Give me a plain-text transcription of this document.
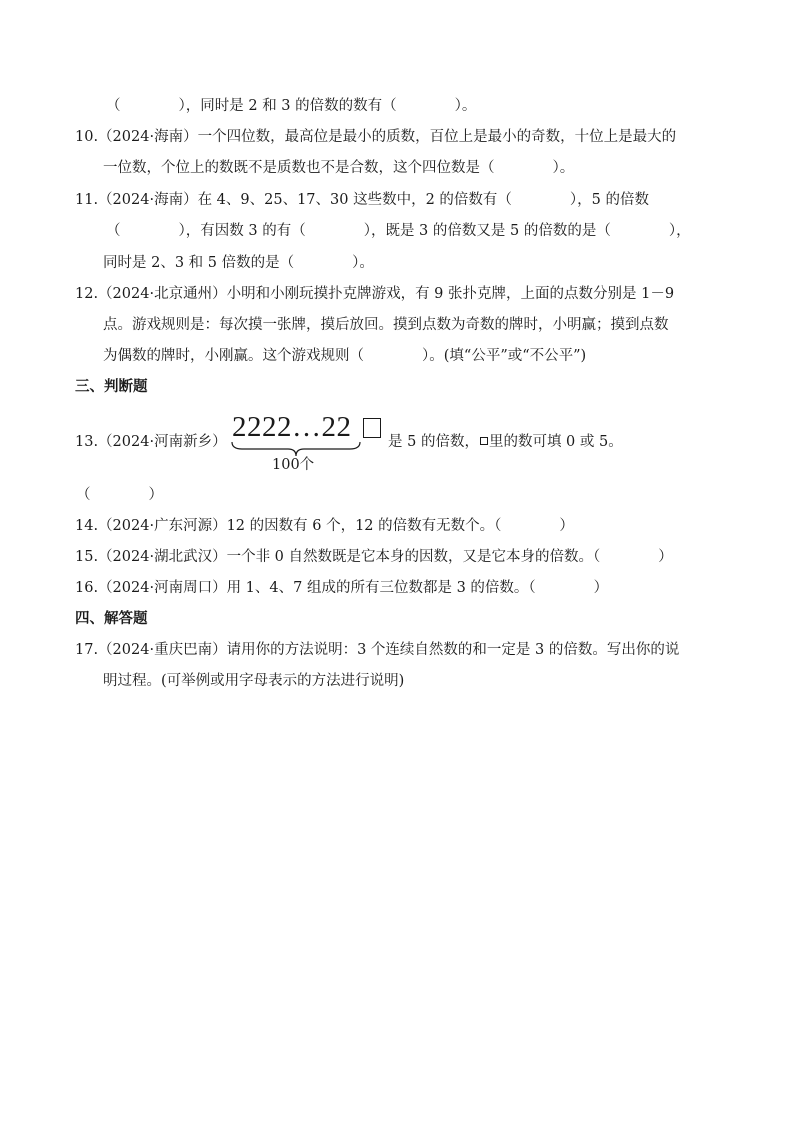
（　　　　），同时是 2 和 3 的倍数的数有（　　　　）。
10.（2024·海南）一个四位数，最高位是最小的质数，百位上是最小的奇数，十位上是最大的
一位数，个位上的数既不是质数也不是合数，这个四位数是（　　　　）。
11.（2024·海南）在 4、9、25、17、30 这些数中，2 的倍数有（　　　　），5 的倍数
（　　　　），有因数 3 的有（　　　　），既是 3 的倍数又是 5 的倍数的是（　　　　），
同时是 2、3 和 5 倍数的是（　　　　）。
12.（2024·北京通州）小明和小刚玩摸扑克牌游戏，有 9 张扑克牌，上面的点数分别是 1－9
点。游戏规则是：每次摸一张牌，摸后放回。摸到点数为奇数的牌时，小明赢；摸到点数
为偶数的牌时，小刚赢。这个游戏规则（　　　　）。(填“公平”或“不公平”)
三、判断题
13.（2024·河南新乡） 2222…22
100个
是 5 的倍数， 里的数可填 0 或 5。
（　　　　）
14.（2024·广东河源）12 的因数有 6 个，12 的倍数有无数个。（　　　　）
15.（2024·湖北武汉）一个非 0 自然数既是它本身的因数，又是它本身的倍数。（　　　　）
16.（2024·河南周口）用 1、4、7 组成的所有三位数都是 3 的倍数。（　　　　）
四、解答题
17.（2024·重庆巴南）请用你的方法说明：3 个连续自然数的和一定是 3 的倍数。写出你的说
明过程。(可举例或用字母表示的方法进行说明)
